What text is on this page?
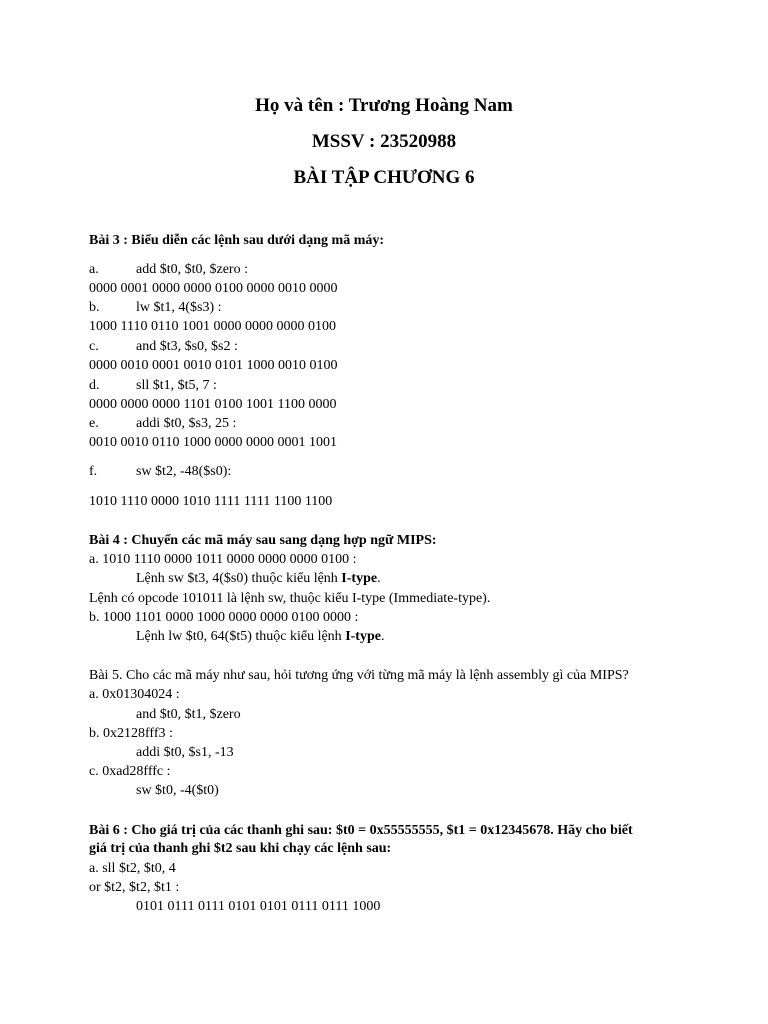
Họ và tên : Trương Hoàng Nam
MSSV : 23520988
BÀI TẬP CHƯƠNG 6
Bài 3 : Biểu diễn các lệnh sau dưới dạng mã máy:
a.	add $t0, $t0, $zero :
0000 0001 0000 0000 0100 0000 0010 0000
b.	lw $t1, 4($s3) :
1000 1110 0110 1001 0000 0000 0000 0100
c.	and $t3, $s0, $s2 :
0000 0010 0001 0010 0101 1000 0010 0100
d.	sll $t1, $t5, 7 :
0000 0000 0000 1101 0100 1001 1100 0000
e.	addi $t0, $s3, 25 :
0010 0010 0110 1000 0000 0000 0001 1001
f.	sw $t2, -48($s0):
1010 1110 0000 1010 1111 1111 1100 1100
Bài 4 : Chuyển các mã máy sau sang dạng hợp ngữ MIPS:
a. 1010 1110 0000 1011 0000 0000 0000 0100 :
Lệnh sw $t3, 4($s0) thuộc kiểu lệnh I-type.
Lệnh có opcode 101011 là lệnh sw, thuộc kiểu I-type (Immediate-type).
b. 1000 1101 0000 1000 0000 0000 0100 0000 :
Lệnh lw $t0, 64($t5) thuộc kiểu lệnh I-type.
Bài 5. Cho các mã máy như sau, hỏi tương ứng với từng mã máy là lệnh assembly gì của MIPS?
a. 0x01304024 :
and $t0, $t1, $zero
b. 0x2128fff3 :
addi $t0, $s1, -13
c. 0xad28fffc :
sw $t0, -4($t0)
Bài 6 : Cho giá trị của các thanh ghi sau: $t0 = 0x55555555, $t1 = 0x12345678. Hãy cho biết
giá trị của thanh ghi $t2 sau khi chạy các lệnh sau:
a. sll $t2, $t0, 4
or $t2, $t2, $t1 :
0101 0111 0111 0101 0101 0111 0111 1000
